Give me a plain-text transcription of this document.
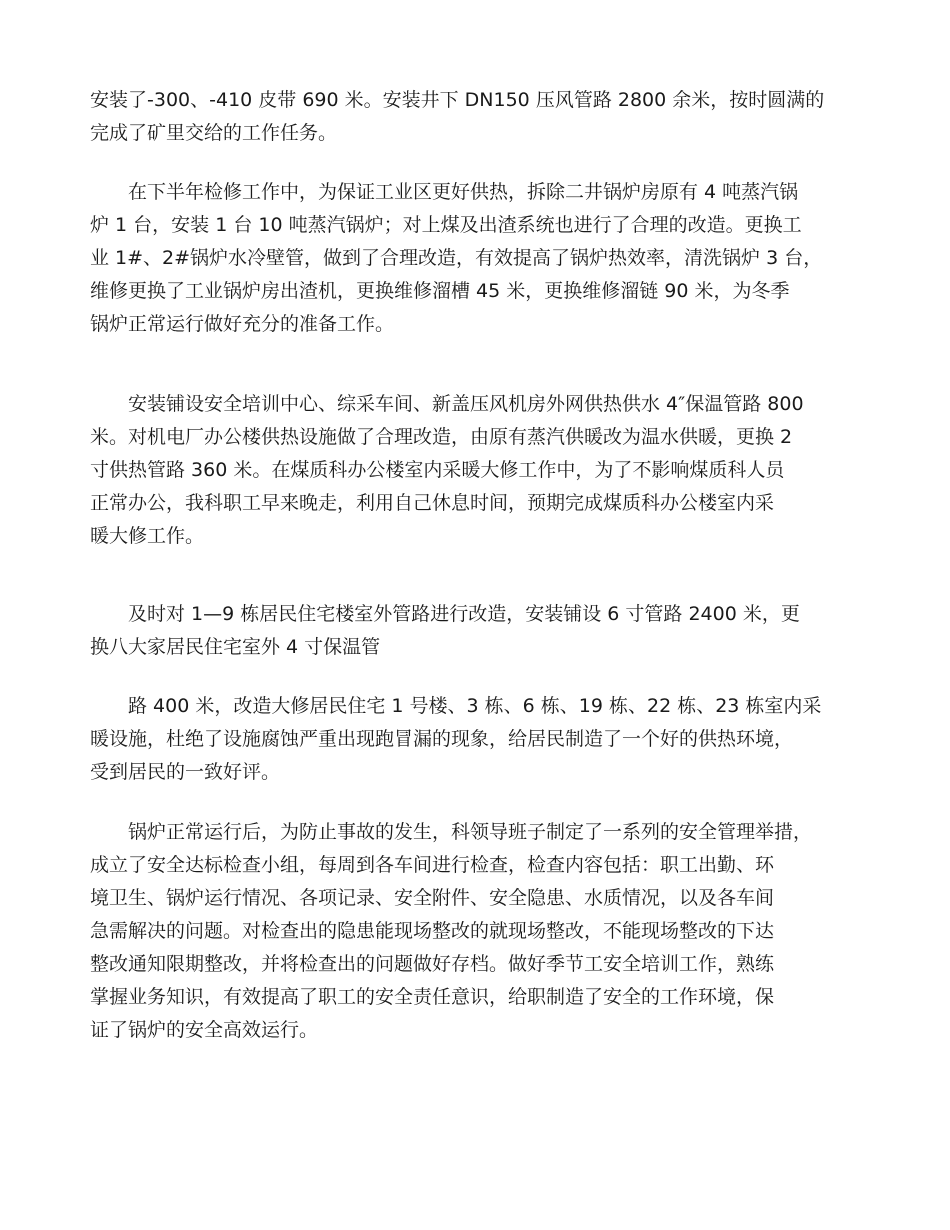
安装了-300、-410 皮带 690 米。安装井下 DN150 压风管路 2800 余米，按时圆满的
完成了矿里交给的工作任务。
　　在下半年检修工作中，为保证工业区更好供热，拆除二井锅炉房原有 4 吨蒸汽锅
炉 1 台，安装 1 台 10 吨蒸汽锅炉；对上煤及出渣系统也进行了合理的改造。更换工
业 1#、2#锅炉水冷壁管，做到了合理改造，有效提高了锅炉热效率，清洗锅炉 3 台，
维修更换了工业锅炉房出渣机，更换维修溜槽 45 米，更换维修溜链 90 米，为冬季
锅炉正常运行做好充分的准备工作。
　　安装铺设安全培训中心、综采车间、新盖压风机房外网供热供水 4″保温管路 800
米。对机电厂办公楼供热设施做了合理改造，由原有蒸汽供暖改为温水供暖，更换 2
寸供热管路 360 米。在煤质科办公楼室内采暖大修工作中，为了不影响煤质科人员
正常办公，我科职工早来晚走，利用自己休息时间，预期完成煤质科办公楼室内采
暖大修工作。
　　及时对 1—9 栋居民住宅楼室外管路进行改造，安装铺设 6 寸管路 2400 米，更
换八大家居民住宅室外 4 寸保温管
　　路 400 米，改造大修居民住宅 1 号楼、3 栋、6 栋、19 栋、22 栋、23 栋室内采
暖设施，杜绝了设施腐蚀严重出现跑冒漏的现象，给居民制造了一个好的供热环境，
受到居民的一致好评。
　　锅炉正常运行后，为防止事故的发生，科领导班子制定了一系列的安全管理举措，
成立了安全达标检查小组，每周到各车间进行检查，检查内容包括：职工出勤、环
境卫生、锅炉运行情况、各项记录、安全附件、安全隐患、水质情况，以及各车间
急需解决的问题。对检查出的隐患能现场整改的就现场整改，不能现场整改的下达
整改通知限期整改，并将检查出的问题做好存档。做好季节工安全培训工作，熟练
掌握业务知识，有效提高了职工的安全责任意识，给职制造了安全的工作环境，保
证了锅炉的安全高效运行。
